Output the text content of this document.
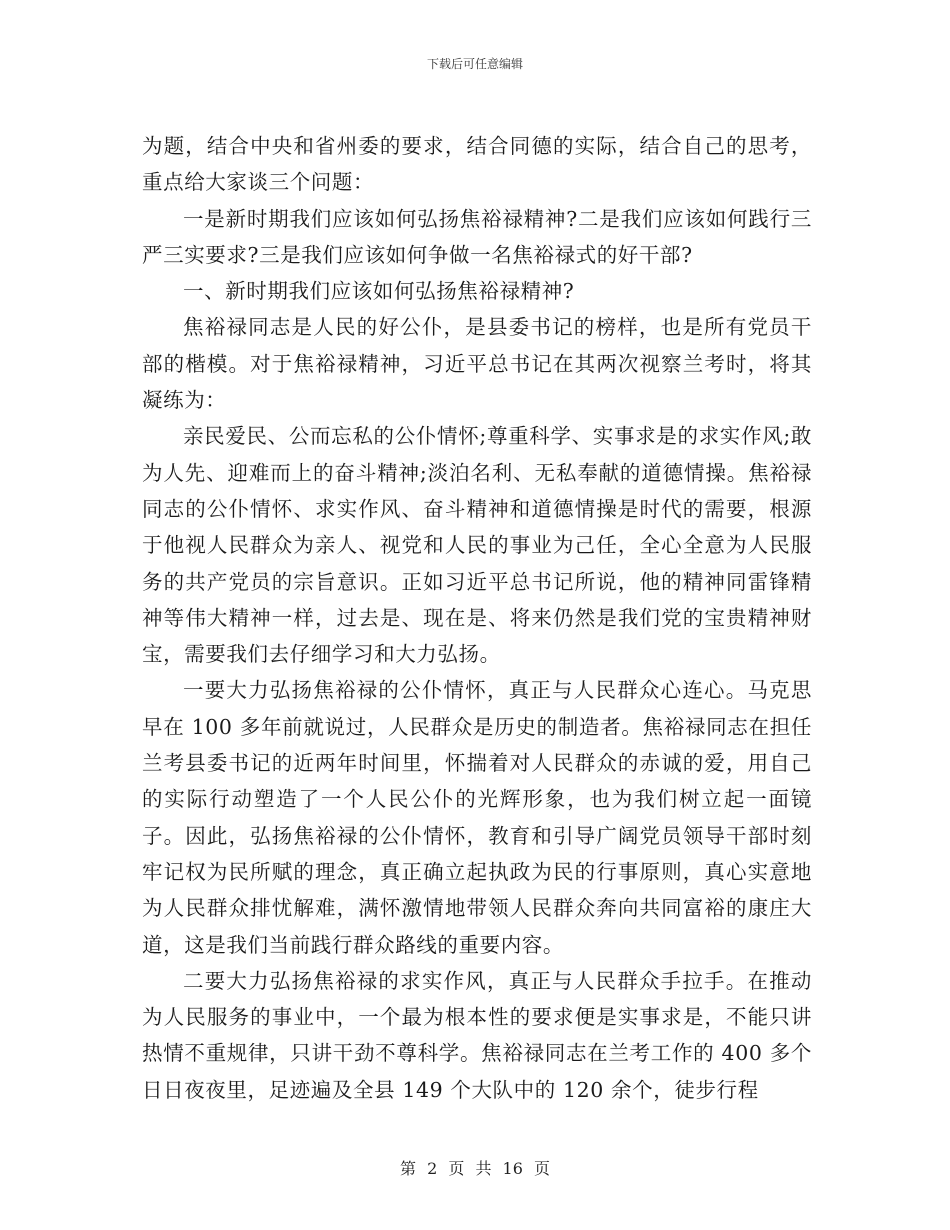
下载后可任意编辑

为题，结合中央和省州委的要求，结合同德的实际，结合自己的思考，重点给大家谈三个问题：

一是新时期我们应该如何弘扬焦裕禄精神?二是我们应该如何践行三严三实要求?三是我们应该如何争做一名焦裕禄式的好干部?

一、新时期我们应该如何弘扬焦裕禄精神?

焦裕禄同志是人民的好公仆，是县委书记的榜样，也是所有党员干部的楷模。对于焦裕禄精神，习近平总书记在其两次视察兰考时，将其凝练为：

亲民爱民、公而忘私的公仆情怀;尊重科学、实事求是的求实作风;敢为人先、迎难而上的奋斗精神;淡泊名利、无私奉献的道德情操。焦裕禄同志的公仆情怀、求实作风、奋斗精神和道德情操是时代的需要，根源于他视人民群众为亲人、视党和人民的事业为己任，全心全意为人民服务的共产党员的宗旨意识。正如习近平总书记所说，他的精神同雷锋精神等伟大精神一样，过去是、现在是、将来仍然是我们党的宝贵精神财宝，需要我们去仔细学习和大力弘扬。

一要大力弘扬焦裕禄的公仆情怀，真正与人民群众心连心。马克思早在 100 多年前就说过，人民群众是历史的制造者。焦裕禄同志在担任兰考县委书记的近两年时间里，怀揣着对人民群众的赤诚的爱，用自己的实际行动塑造了一个人民公仆的光辉形象，也为我们树立起一面镜子。因此，弘扬焦裕禄的公仆情怀，教育和引导广阔党员领导干部时刻牢记权为民所赋的理念，真正确立起执政为民的行事原则，真心实意地为人民群众排忧解难，满怀激情地带领人民群众奔向共同富裕的康庄大道，这是我们当前践行群众路线的重要内容。

二要大力弘扬焦裕禄的求实作风，真正与人民群众手拉手。在推动为人民服务的事业中，一个最为根本性的要求便是实事求是，不能只讲热情不重规律，只讲干劲不尊科学。焦裕禄同志在兰考工作的 400 多个日日夜夜里，足迹遍及全县 149 个大队中的 120 余个，徒步行程

第 2 页 共 16 页
